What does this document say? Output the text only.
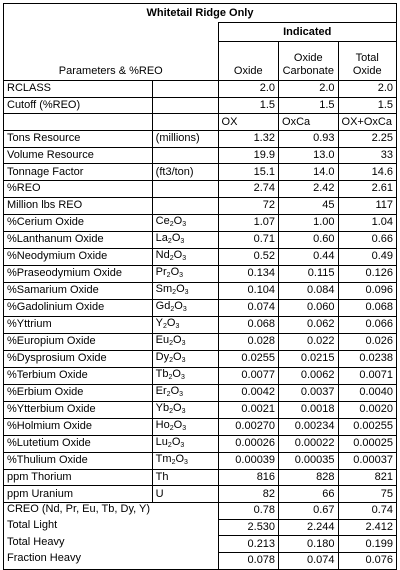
Whitetail Ridge Only				
		Indicated		
Parameters & %REO		Oxide	Oxide Carbonate	Total Oxide
RCLASS		2.0	2.0	2.0
Cutoff (%REO)		1.5	1.5	1.5
		OX	OxCa	OX+OxCa
Tons Resource	(millions)	1.32	0.93	2.25
Volume Resource		19.9	13.0	33
Tonnage Factor	(ft3/ton)	15.1	14.0	14.6
%REO		2.74	2.42	2.61
Million lbs REO		72	45	117
%Cerium Oxide	$Ce_2O_3$	1.07	1.00	1.04
%Lanthanum Oxide	$La_2O_3$	0.71	0.60	0.66
%Neodymium Oxide	$Nd_2O_3$	0.52	0.44	0.49
%Praseodymium Oxide	$Pr_2O_3$	0.134	0.115	0.126
%Samarium Oxide	$Sm_2O_3$	0.104	0.084	0.096
%Gadolinium Oxide	$Gd_2O_3$	0.074	0.060	0.068
%Yttrium	$Y_2O_3$	0.068	0.062	0.066
%Europium Oxide	$Eu_2O_3$	0.028	0.022	0.026
%Dysprosium Oxide	$Dy_2O_3$	0.0255	0.0215	0.0238
%Terbium Oxide	$Tb_2O_3$	0.0077	0.0062	0.0071
%Erbium Oxide	$Er_2O_3$	0.0042	0.0037	0.0040
%Ytterbium Oxide	$Yb_2O_3$	0.0021	0.0018	0.0020
%Holmium Oxide	$Ho_2O_3$	0.00270	0.00234	0.00255
%Lutetium Oxide	$Lu_2O_3$	0.00026	0.00022	0.00025
%Thulium Oxide	$Tm_2O_3$	0.00039	0.00035	0.00037
ppm Thorium	Th	816	828	821
ppm Uranium	U	82	66	75
CREO (Nd, Pr, Eu, Tb, Dy, Y)		0.78	0.67	0.74
Total Light		2.530	2.244	2.412
Total Heavy		0.213	0.180	0.199
Fraction Heavy		0.078	0.074	0.076
